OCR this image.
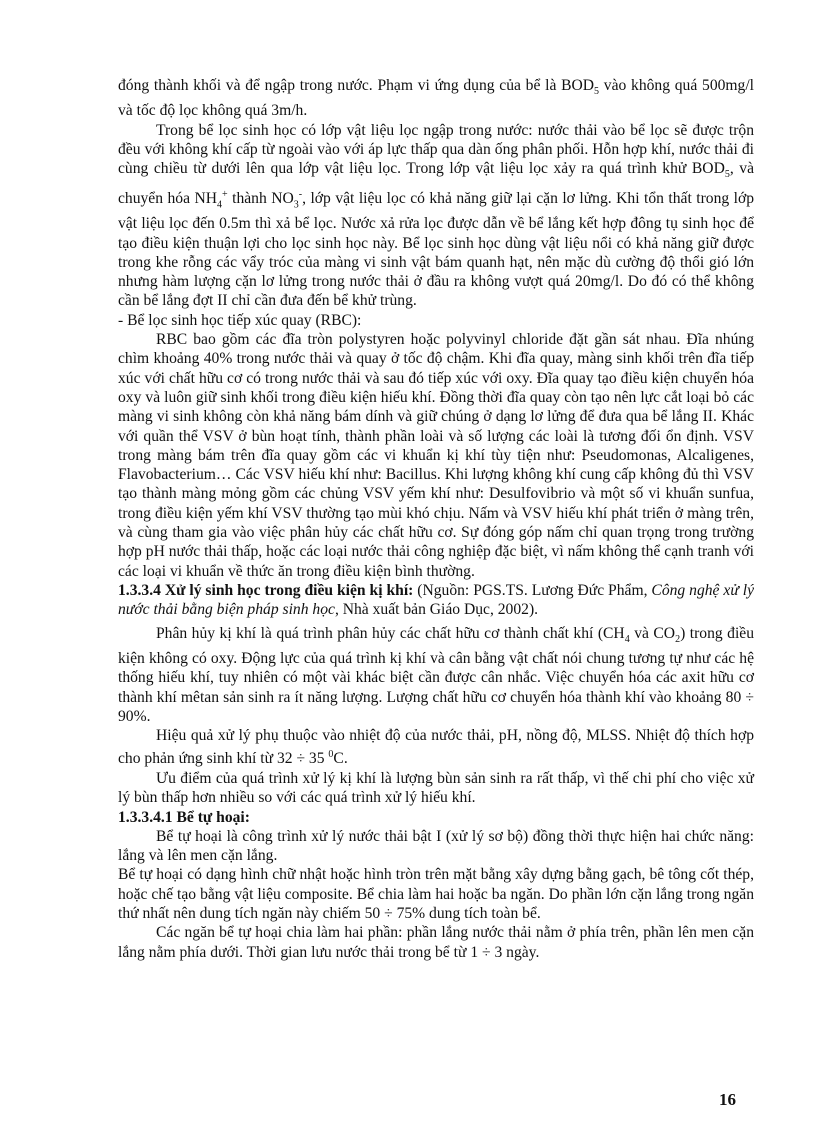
đóng thành khối và để ngập trong nước. Phạm vi ứng dụng của bể là $BOD_5$ vào không quá 500mg/l và tốc độ lọc không quá 3m/h.

Trong bể lọc sinh học có lớp vật liệu lọc ngập trong nước: nước thải vào bể lọc sẽ được trộn đều với không khí cấp từ ngoài vào với áp lực thấp qua dàn ống phân phối. Hỗn hợp khí, nước thải đi cùng chiều từ dưới lên qua lớp vật liệu lọc. Trong lớp vật liệu lọc xảy ra quá trình khử $BOD_5$, và chuyển hóa $NH_4^+$ thành $NO_3^-$, lớp vật liệu lọc có khả năng giữ lại cặn lơ lửng. Khi tổn thất trong lớp vật liệu lọc đến 0.5m thì xả bể lọc. Nước xả rửa lọc được dẫn về bể lắng kết hợp đông tụ sinh học để tạo điều kiện thuận lợi cho lọc sinh học này. Bể lọc sinh học dùng vật liệu nổi có khả năng giữ được trong khe rỗng các vẩy tróc của màng vi sinh vật bám quanh hạt, nên mặc dù cường độ thổi gió lớn nhưng hàm lượng cặn lơ lửng trong nước thải ở đầu ra không vượt quá 20mg/l. Do đó có thể không cần bể lắng đợt II chỉ cần đưa đến bể khử trùng.

- Bể lọc sinh học tiếp xúc quay (RBC):

RBC bao gồm các đĩa tròn polystyren hoặc polyvinyl chloride đặt gần sát nhau. Đĩa nhúng chìm khoảng 40% trong nước thải và quay ở tốc độ chậm. Khi đĩa quay, màng sinh khối trên đĩa tiếp xúc với chất hữu cơ có trong nước thải và sau đó tiếp xúc với oxy. Đĩa quay tạo điều kiện chuyển hóa oxy và luôn giữ sinh khối trong điều kiện hiếu khí. Đồng thời đĩa quay còn tạo nên lực cắt loại bỏ các màng vi sinh không còn khả năng bám dính và giữ chúng ở dạng lơ lửng để đưa qua bể lắng II. Khác với quần thể VSV ở bùn hoạt tính, thành phần loài và số lượng các loài là tương đối ổn định. VSV trong màng bám trên đĩa quay gồm các vi khuẩn kị khí tùy tiện như: Pseudomonas, Alcaligenes, Flavobacterium… Các VSV hiếu khí như: Bacillus. Khi lượng không khí cung cấp không đủ thì VSV tạo thành màng mỏng gồm các chủng VSV yếm khí như: Desulfovibrio và một số vi khuẩn sunfua, trong điều kiện yếm khí VSV thường tạo mùi khó chịu. Nấm và VSV hiếu khí phát triển ở màng trên, và cùng tham gia vào việc phân hủy các chất hữu cơ. Sự đóng góp nấm chỉ quan trọng trong trường hợp pH nước thải thấp, hoặc các loại nước thải công nghiệp đặc biệt, vì nấm không thể cạnh tranh với các loại vi khuẩn về thức ăn trong điều kiện bình thường.

1.3.3.4 Xử lý sinh học trong điều kiện kị khí: (Nguồn: PGS.TS. Lương Đức Phẩm, Công nghệ xử lý nước thải bằng biện pháp sinh học, Nhà xuất bản Giáo Dục, 2002).

Phân hủy kị khí là quá trình phân hủy các chất hữu cơ thành chất khí ($CH_4$ và $CO_2$) trong điều kiện không có oxy. Động lực của quá trình kị khí và cân bằng vật chất nói chung tương tự như các hệ thống hiếu khí, tuy nhiên có một vài khác biệt cần được cân nhắc. Việc chuyển hóa các axit hữu cơ thành khí mêtan sản sinh ra ít năng lượng. Lượng chất hữu cơ chuyển hóa thành khí vào khoảng 80 ÷ 90%.

Hiệu quả xử lý phụ thuộc vào nhiệt độ của nước thải, pH, nồng độ, MLSS. Nhiệt độ thích hợp cho phản ứng sinh khí từ 32 ÷ 35 $^0$C.

Ưu điểm của quá trình xử lý kị khí là lượng bùn sản sinh ra rất thấp, vì thế chi phí cho việc xử lý bùn thấp hơn nhiều so với các quá trình xử lý hiếu khí.

1.3.3.4.1 Bể tự hoại:

Bể tự hoại là công trình xử lý nước thải bật I (xử lý sơ bộ) đồng thời thực hiện hai chức năng: lắng và lên men cặn lắng.

Bể tự hoại có dạng hình chữ nhật hoặc hình tròn trên mặt bằng xây dựng bằng gạch, bê tông cốt thép, hoặc chế tạo bằng vật liệu composite. Bể chia làm hai hoặc ba ngăn. Do phần lớn cặn lắng trong ngăn thứ nhất nên dung tích ngăn này chiếm 50 ÷ 75% dung tích toàn bể.

Các ngăn bể tự hoại chia làm hai phần: phần lắng nước thải nằm ở phía trên, phần lên men cặn lắng nằm phía dưới. Thời gian lưu nước thải trong bể từ 1 ÷ 3 ngày.

16
